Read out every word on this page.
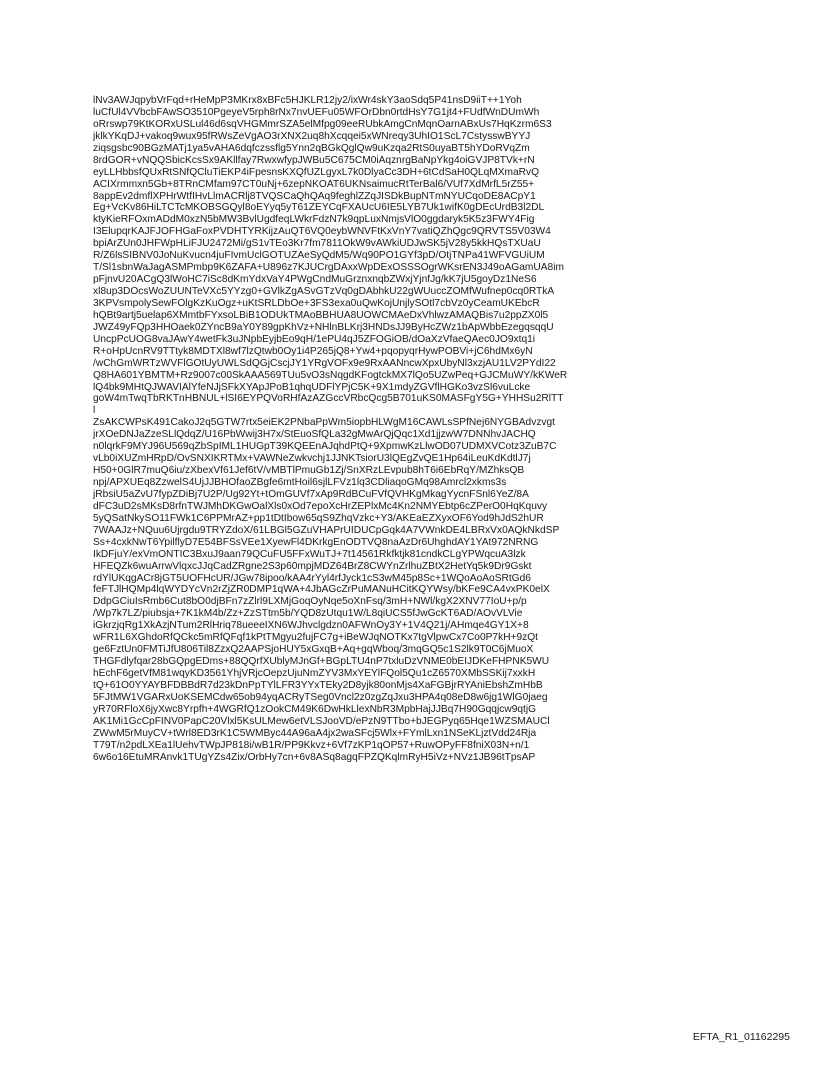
lNv3AWJqpybVrFqd+rHeMpP3MKrx8xBFc5HJKLR12jy2/ixWr4skY3aoSdq5P41nsD9iiT++1Yoh
luCfUl4VVbcbFAwSO3510PgeyeV5rph8rNx7nvUEFu05WFOrDbn0rtdHsY7G1jt4+FUdfWnDUmWh
oRrswp79KtKORxUSLul46d6sqVHGMmrSZA5elMfpg09eeRUbkAmgCnMqnOarnABxUs7HqKzrm6S3
jklkYKqDJ+vakoq9wux95fRWsZeVgAO3rXNX2uq8hXcqqei5xWNreqy3UhIO1ScL7CstysswBYYJ
ziqsgsbc90BGzMATj1ya5vAHA6dqfczssflg5Ynn2qBGkQglQw9uKzqa2RtS0uyaBT5hYDoRVqZm
8rdGOR+vNQQSbicKcsSx9AKllfay7RwxwfypJWBu5C675CM0iAqznrgBaNpYkg4oiGVJP8TVk+rN
eyLLHbbsfQUxRtSNfQCluTiEKP4iFpesnsKXQfUZLgyxL7k0DlyaCc3DH+6tCdSaH0QLqMXmaRvQ
ACIXrmmxn5Gb+8TRnCMfam97CT0uNj+6zepNKOAT6UKNsaimucRtTerBal6/VUf7XdMrfL5rZ55+
8appEv2dmflXPHrWtfIHvLlmACRlj8TVQSCaQhQAq9feghlZZqJISDkBupNTmNYUCqoDE8ACpY1
Eg+VcKv86HiLTCTcMKOBSGQyl8oEYyq5yT61ZEYCqFXAUcU6IE5LYB7Uk1wifK0gDEcUrdB3l2DL
ktyKieRFOxmADdM0xzN5bMW3BvlUgdfeqLWkrFdzN7k9qpLuxNmjsVlO0ggdaryk5K5z3FWY4Fig
I3ElupqrKAJFJOFHGaFoxPVDHTYRKijzAuQT6VQ0eybWNVFtKxVnY7vatiQZhQgc9QRVTS5V03W4
bpiArZUn0JHFWpHLiFJU2472Mi/gS1vTEo3Kr7fm7811OkW9vAWkiUDJwSK5jV28y5kkHQsTXUaU
R/Z6lsSIBNV0JoNuKvucn4juFIvmUclGOTUZAeSyQdM5/Wq90PO1GYf3pD/OtjTNPa41WFVGUiUM
T/Sl1sbnWaJagASMPmbp9K6ZAFA+U896z7KJUCrgDAxxWpDExOSSSOgrWKsrEN3J49oAGamUA8im
pFjnvU20ACgQ3lWoHC7iSc8dKmYdxVaY4PWgCndMuGrznxnqbZWxjYjnfJg/kK7jU5goyDz1NeS6
xl8up3DOcsWoZUUNTeVXc5YYzg0+GVlkZgASvGTzVq0gDAbhkU22gWUuccZOMfWufnep0cq0RTkA
3KPVsmpolySewFOlgKzKuOgz+uKtSRLDbOe+3FS3exa0uQwKojUnjlySOtl7cbVz0yCeamUKEbcR
hQBt9artj5uelap6XMmtbFYxsoLBiB1ODUkTMAoBBHUA8UOWCMAeDxVhlwzAMAQBis7u2ppZX0l5
JWZ49yFQp3HHOaek0ZYncB9aY0Y89gpKhVz+NHlnBLKrj3HNDsJJ9ByHcZWz1bApWbbEzegqsqqU
UncpPcUOG8vaJAwY4wetFk3uJNpbEyjbEo9qH/1ePU4qJ5ZFOGiOB/dOaXzVfaeQAec0JO9xtq1i
R+oHpUcnRV9TTtyk8MDTXl8wf7lzQtwb0Oy1i4P265jQ8+Yw4+pqopyqrHywPOBVi+jC6hdMx6yN
/wChGmWRTzWVFlGOtUyUWLSdQGjCscjJY1YRgVOFx9e9RxAANncwXpxUbyNl3xzjAU1LV2PYdI22
Q8HA601YBMTM+Rz9007c00SkAAA569TUu5vO3sNqgdKFogtckMX7lQo5UZwPeq+GJCMuWY/kKWeR
lQ4bk9MHtQJWAVIAlYfeNJjSFkXYApJPoB1qhqUDFlYPjC5K+9X1mdyZGVflHGKo3vzSl6vuLcke
goW4mTwqTbRKTnHBNUL+lSI6EYPQVoRHfAzAZGccVRbcQcg5B701uKS0MASFgY5G+YHHSu2RlTT
l
ZsAKCWPsK491CakoJ2q5GTW7rtx5eiEK2PNbaPpWm5iopbHLWgM16CAWLsSPfNej6NYGBAdvzvgt
jrXOeDNJaZzeSLlQdqZ/U16PbWwij3H7x/StEuoSfQLa32gMwArQjQqc1Xd1jjzwW7DNNhvJACHQ
n0lqrkF9MYJ96U569qZbSpIML1HUGpT39KQEEnAJqhdPtQ+9XpmwKzLlwOD07UDMXVCotz3ZuB7C
vLb0iXUZmHRpD/OvSNXIKRTMx+VAWNeZwkvchj1JJNKTsiorU3lQEgZvQE1Hp64iLeuKdKdtlJ7j
H50+0GlR7muQ6iu/zXbexVf61Jef6tV/vMBTlPmuGb1Zj/SnXRzLEvpub8hT6i6EbRqY/MZhksQB
npj/APXUEq8ZzwelS4UjJJBHOfaoZBgfe6mtHoil6sjlLFVz1lq3CDliaqoGMq98Amrcl2xkms3s
jRbsiU5aZvU7fypZDiBj7U2P/Ug92Yt+tOmGUVf7xAp9RdBCuFVfQVHKgMkagYycnFSnl6YeZ/8A
dFC3uD2sMKsD8rfnTWJMhDKGwOalXls0xOd7epoXcHrZEPlxMc4Kn2NMYEbtp6cZPerO0HqKquvy
5yQSatNkySO11FWk1C6PPMrAZ+pp1tDtIbow65qS9ZhqVzkc+Y3/AKEaEZXyxOF6Yod9hJdS2hUR
7WAAJz+NQuu6Ujrgdu9TRYZdoX/61LBGl5GZuVHAPrUIDUCpGqk4A7VWnkDE4LBRxVx0AQkNkdSP
Ss+4cxkNwT6YpilflyD7E54BFSsVEe1XyewFl4DKrkgEnODTVQ8naAzDr6UhghdAY1YAt972NRNG
IkDFjuY/exVmONTIC3BxuJ9aan79QCuFU5FFxWuTJ+7t14561Rkfktjk81cndkCLgYPWqcuA3lzk
HFEQZk6wuArrwVlqxcJJqCadZRgne2S3p60mpjMDZ64BrZ8CWYnZrlhuZBtX2HetYq5k9Dr9Gskt
rdYlUKqgACr8jGT5UOFHcUR/JGw78ipoo/kAA4rYyl4rfJyck1cS3wM45p8Sc+1WQoAoAoSRtGd6
feFTJlHQMp4lqWYDYcVn2rZjZR0DMP1qWA+4JbAGcZrPuMANuHCitKQYWsy/bKFe9CA4vxPK0elX
DdpGCiuIsRmb6Cut8bO0djBFn7zZlrl9LXMjGoqOyNqe5oXnFsq/3mH+NWl/kgX2XNV77IoU+p/p
/Wp7k7LZ/piubsja+7K1kM4b/Zz+ZzSTtm5b/YQD8zUtqu1W/L8qiUCS5fJwGcKT6AD/AOvVLVie
iGkrzjqRg1XkAzjNTum2RlHriq78ueeeIXN6WJhvclgdzn0AFWnOy3Y+1V4Q21j/AHmqe4GY1X+8
wFR1L6XGhdoRfQCkc5mRfQFqf1kPtTMgyu2fujFC7g+iBeWJqNOTKx7tgVlpwCx7Co0P7kH+9zQt
ge6FztUn0FMTiJfU806Til8ZzxQ2AAPSjoHUY5xGxqB+Aq+gqWboq/3mqGQ5c1S2lk9T0C6jMuoX
THGFdlyfqar28bGQpgEDms+88QQrfXUblyMJnGf+BGpLTU4nP7txluDzVNME0bEIJDKeFHPNK5WU
hEchF6getVfM81wqyKD3561YhjVRjcOepzUjuNmZYV3MxYEYlFQol5Qu1cZ6570XMbSSKij7xxkH
tQ+61O0YYAYBFDBBdR7d23kDnPpTYlLFR3YYxTEky2D8yjk80onMjs4XaFGBjrRYAniEbshZmHbB
5FJtMW1VGARxUoKSEMCdw65ob94yqACRyTSeg0Vncl2z0zgZqJxu3HPA4q08eD8w6jg1WlG0jaeg
yR70RFloX6jyXwc8Yrpfh+4WGRfQ1zOokCM49K6DwHkLlexNbR3MpbHajJJBq7H90Gqqjcw9qtjG
AK1Mi1GcCpFINV0PapC20Vlxl5KsULMew6etVLSJooVD/ePzN9TTbo+bJEGPyq65Hqe1WZSMAUCl
ZWwM5rMuyCV+tWrl8ED3rK1C5WMByc44A96aA4jx2waSFcj5Wlx+FYmlLxn1NSeKLjztVdd24Rja
T79T/n2pdLXEa1lUehvTWpJP818i/wB1R/PP9Kkvz+6Vf7zKP1qOP57+RuwOPyFF8fniX03N+n/1
6w6o16EtuMRAnvk1TUgYZs4Zix/OrbHy7cn+6v8ASq8agqFPZQKqlmRyH5iVz+NVz1JB96tTpsAP
EFTA_R1_01162295
